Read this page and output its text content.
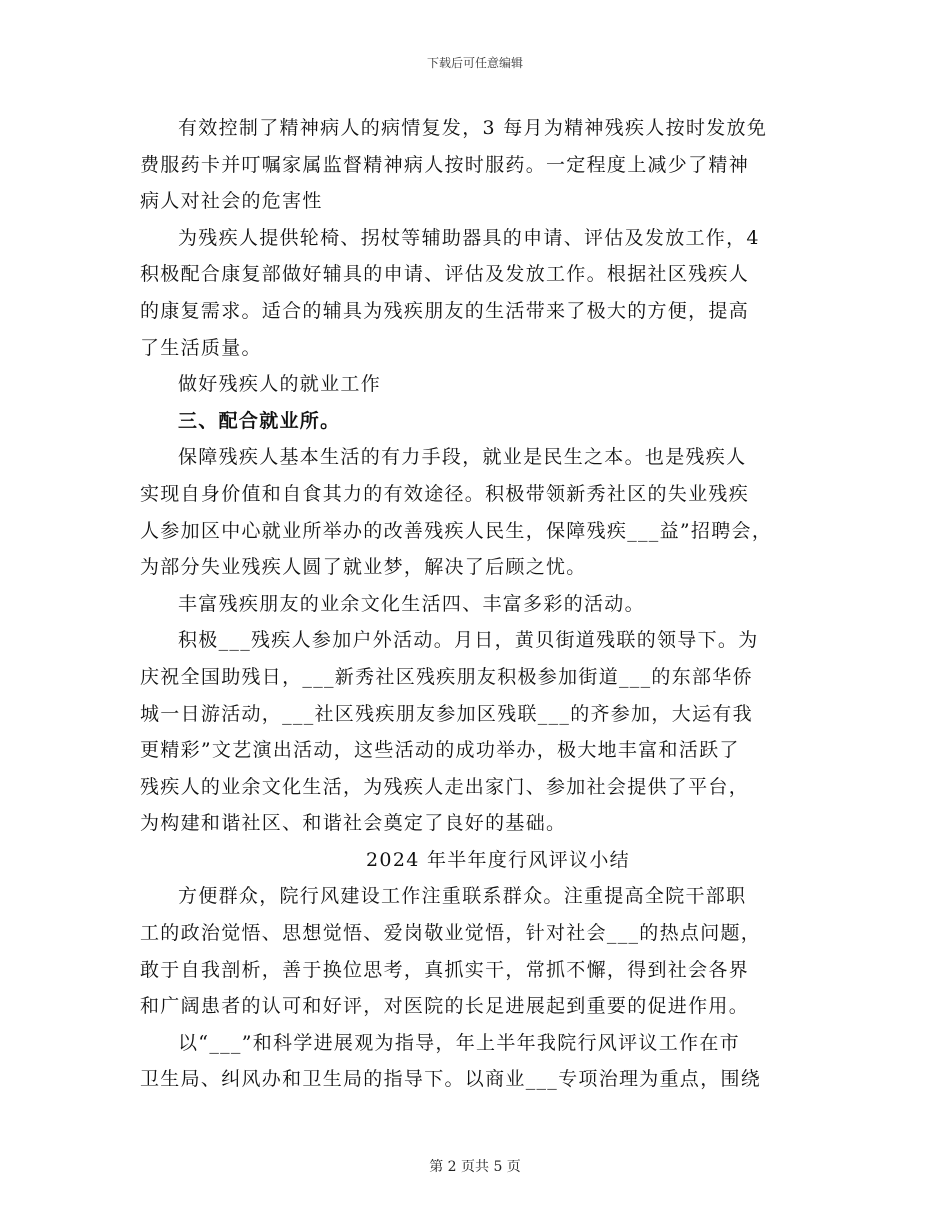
下载后可任意编辑
有效控制了精神病人的病情复发，3 每月为精神残疾人按时发放免
费服药卡并叮嘱家属监督精神病人按时服药。一定程度上减少了精神
病人对社会的危害性
为残疾人提供轮椅、拐杖等辅助器具的申请、评估及发放工作，4
积极配合康复部做好辅具的申请、评估及发放工作。根据社区残疾人
的康复需求。适合的辅具为残疾朋友的生活带来了极大的方便，提高
了生活质量。
做好残疾人的就业工作
三、配合就业所。
保障残疾人基本生活的有力手段，就业是民生之本。也是残疾人
实现自身价值和自食其力的有效途径。积极带领新秀社区的失业残疾
人参加区中心就业所举办的改善残疾人民生，保障残疾___益”招聘会，
为部分失业残疾人圆了就业梦，解决了后顾之忧。
丰富残疾朋友的业余文化生活四、丰富多彩的活动。
积极___残疾人参加户外活动。月日，黄贝街道残联的领导下。为
庆祝全国助残日，___新秀社区残疾朋友积极参加街道___的东部华侨
城一日游活动，___社区残疾朋友参加区残联___的齐参加，大运有我
更精彩”文艺演出活动，这些活动的成功举办，极大地丰富和活跃了
残疾人的业余文化生活，为残疾人走出家门、参加社会提供了平台，
为构建和谐社区、和谐社会奠定了良好的基础。
2024 年半年度行风评议小结
方便群众，院行风建设工作注重联系群众。注重提高全院干部职
工的政治觉悟、思想觉悟、爱岗敬业觉悟，针对社会___的热点问题，
敢于自我剖析，善于换位思考，真抓实干，常抓不懈，得到社会各界
和广阔患者的认可和好评，对医院的长足进展起到重要的促进作用。
以“___”和科学进展观为指导，年上半年我院行风评议工作在市
卫生局、纠风办和卫生局的指导下。以商业___专项治理为重点，围绕
第 2 页共 5 页
